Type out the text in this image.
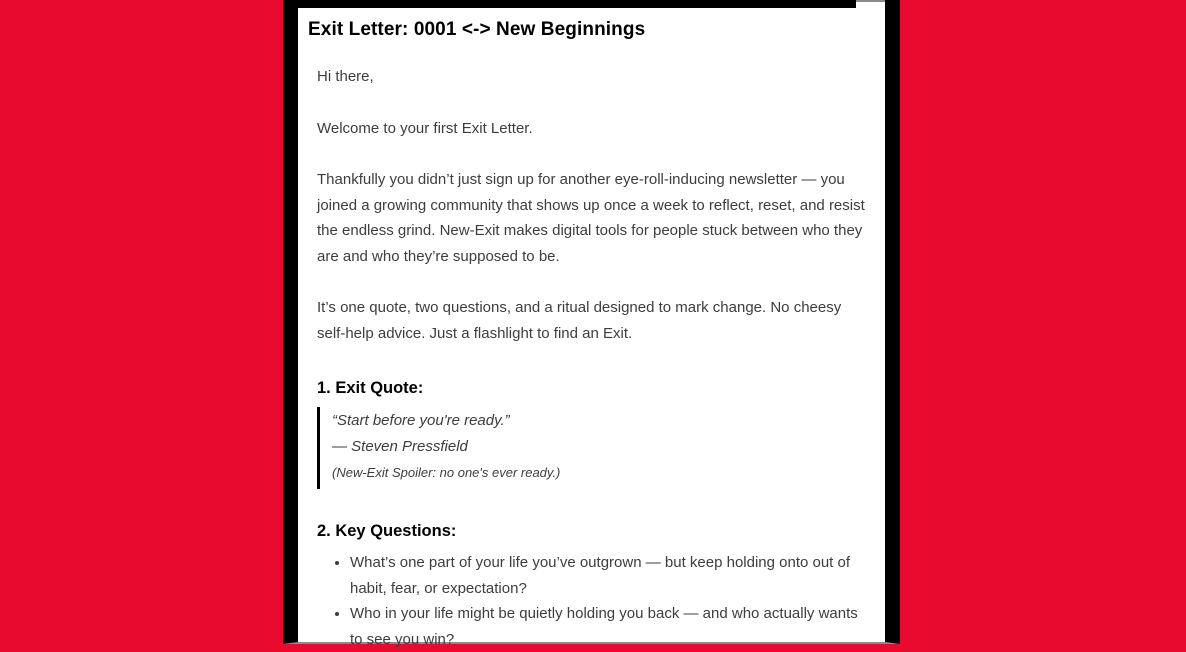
Exit Letter: 0001 <-> New Beginnings

Hi there,

Welcome to your first Exit Letter.

Thankfully you didn’t just sign up for another eye-roll-inducing newsletter — you joined a growing community that shows up once a week to reflect, reset, and resist the endless grind. New-Exit makes digital tools for people stuck between who they are and who they’re supposed to be.

It’s one quote, two questions, and a ritual designed to mark change. No cheesy self-help advice. Just a flashlight to find an Exit.

1. Exit Quote:
“Start before you're ready.”
— Steven Pressfield
(New-Exit Spoiler: no one's ever ready.)
2. Key Questions:
• What’s one part of your life you’ve outgrown — but keep holding onto out of habit, fear, or expectation?
• Who in your life might be quietly holding you back — and who actually wants to see you win?
